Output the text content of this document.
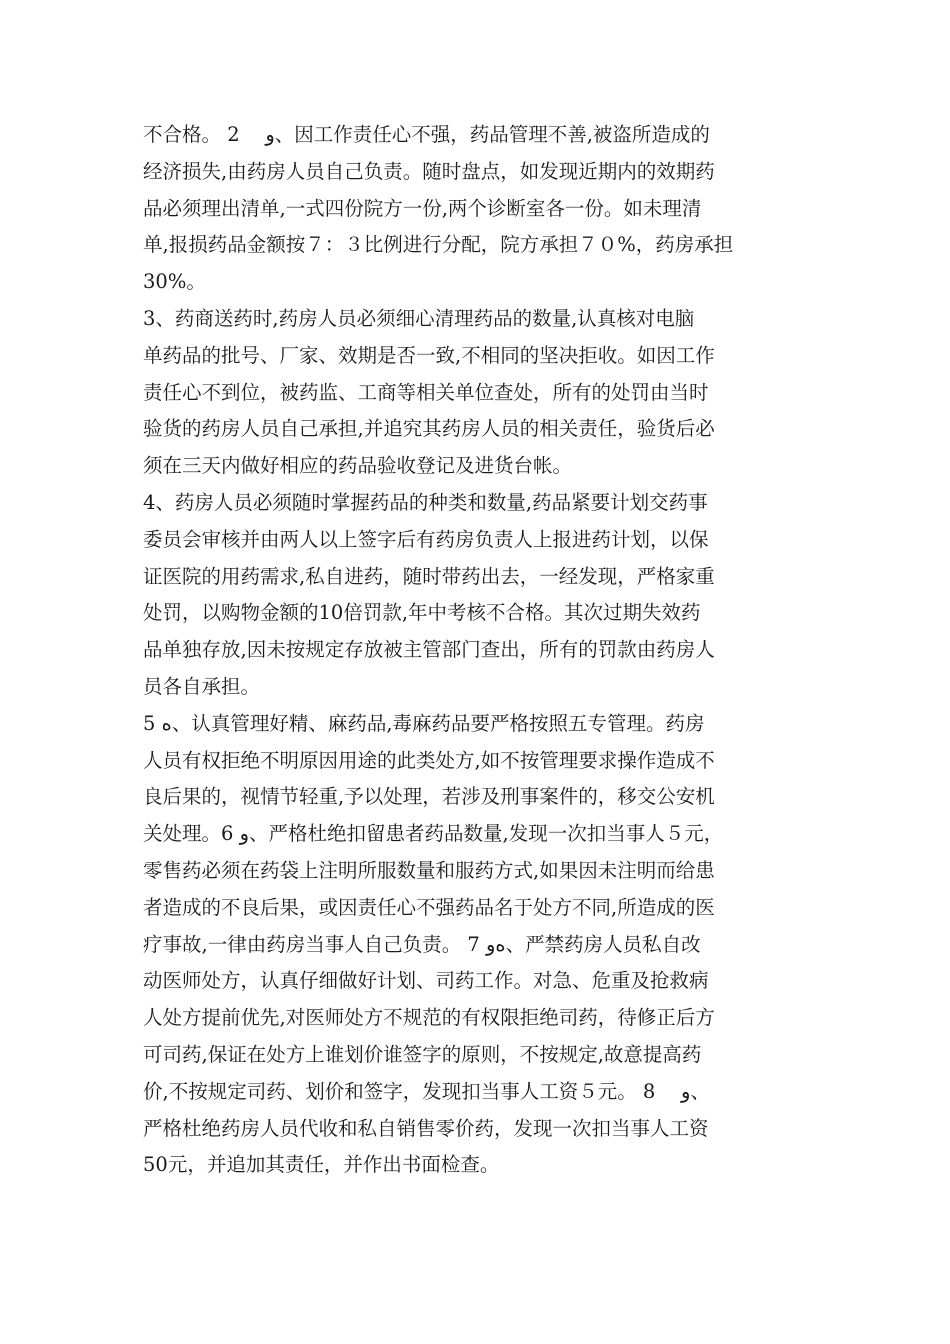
不合格。 2 　ﻭ、因工作责任心不强，药品管理不善,被盗所造成的
经济损失,由药房人员自己负责。随时盘点，如发现近期内的效期药
品必须理出清单,一式四份院方一份,两个诊断室各一份。如未理清
单,报损药品金额按７：３比例进行分配，院方承担７０%，药房承担
30%。
3、药商送药时,药房人员必须细心清理药品的数量,认真核对电脑
单药品的批号、厂家、效期是否一致,不相同的坚决拒收。如因工作
责任心不到位，被药监、工商等相关单位查处，所有的处罚由当时
验货的药房人员自己承担,并追究其药房人员的相关责任，验货后必
须在三天内做好相应的药品验收登记及进货台帐。
4、药房人员必须随时掌握药品的种类和数量,药品紧要计划交药事
委员会审核并由两人以上签字后有药房负责人上报进药计划，以保
证医院的用药需求,私自进药，随时带药出去，一经发现，严格家重
处罚，以购物金额的10倍罚款,年中考核不合格。其次过期失效药
品单独存放,因未按规定存放被主管部门查出，所有的罚款由药房人
员各自承担。
5 ﻩ、认真管理好精、麻药品,毒麻药品要严格按照五专管理。药房
人员有权拒绝不明原因用途的此类处方,如不按管理要求操作造成不
良后果的，视情节轻重,予以处理，若涉及刑事案件的，移交公安机
关处理。6 ﻭ、严格杜绝扣留患者药品数量,发现一次扣当事人５元，
零售药必须在药袋上注明所服数量和服药方式,如果因未注明而给患
者造成的不良后果，或因责任心不强药品名于处方不同,所造成的医
疗事故,一律由药房当事人自己负责。 7 ﻩﻭ、严禁药房人员私自改
动医师处方，认真仔细做好计划、司药工作。对急、危重及抢救病
人处方提前优先,对医师处方不规范的有权限拒绝司药，待修正后方
可司药,保证在处方上谁划价谁签字的原则，不按规定,故意提高药
价,不按规定司药、划价和签字，发现扣当事人工资５元。 8 　ﻭ、
严格杜绝药房人员代收和私自销售零价药，发现一次扣当事人工资
50元，并追加其责任，并作出书面检查。
